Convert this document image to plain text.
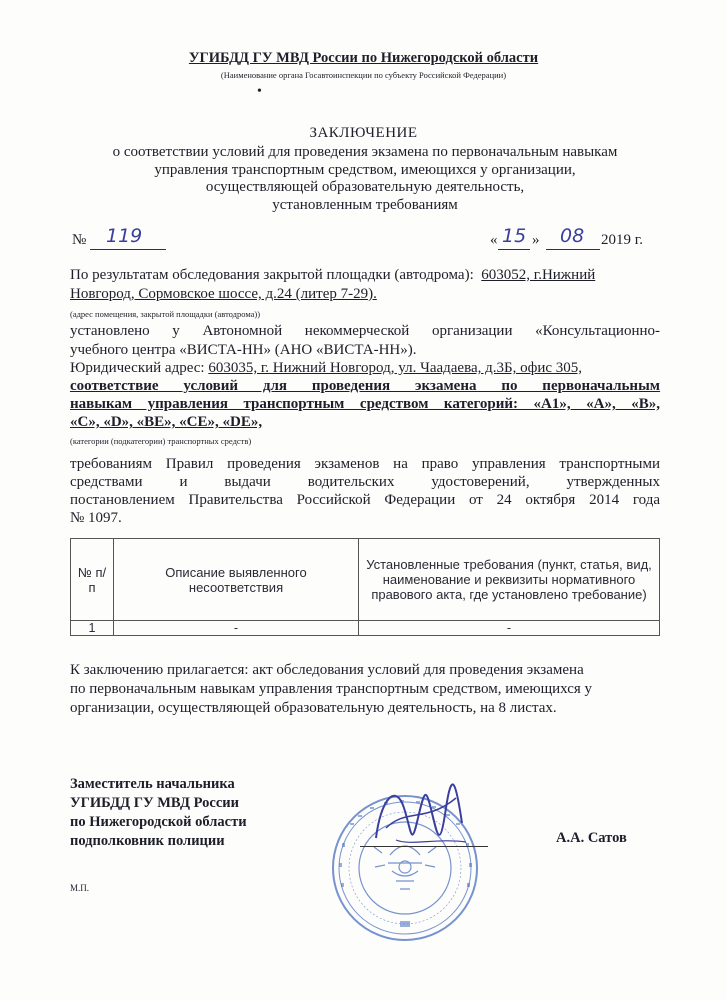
УГИБДД ГУ МВД России по Нижегородской области
(Наименование органа Госавтоинспекции по субъекту Российской Федерации)
•
ЗАКЛЮЧЕНИЕ
о соответствии условий для проведения экзамена по первоначальным навыкам
управления транспортным средством, имеющихся у организации,
осуществляющей образовательную деятельность,
установленным требованиям
№ 119	« 15 » 08 2019 г.
По результатам обследования закрытой площадки (автодрома): 603052, г.Нижний
Новгород, Сормовское шоссе, д.24 (литер 7-29).
(адрес помещения, закрытой площадки (автодрома))
установлено у Автономной некоммерческой организации «Консультационно-
учебного центра «ВИСТА-НН» (АНО «ВИСТА-НН»).
Юридический адрес: 603035, г. Нижний Новгород, ул. Чаадаева, д.3Б, офис 305,
соответствие условий для проведения экзамена по первоначальным
навыкам управления транспортным средством категорий: «А1», «А», «В»,
«С», «D», «ВЕ», «СЕ», «DE»,
(категории (подкатегории) транспортных средств)
требованиям Правил проведения экзаменов на право управления транспортными
средствами и выдачи водительских удостоверений, утвержденных
постановлением Правительства Российской Федерации от 24 октября 2014 года
№ 1097.
№ п/п	Описание выявленного несоответствия	Установленные требования (пункт, статья, вид, наименование и реквизиты нормативного правового акта, где установлено требование)
1	-	-
К заключению прилагается: акт обследования условий для проведения экзамена
по первоначальным навыкам управления транспортным средством, имеющихся у
организации, осуществляющей образовательную деятельность, на 8 листах.
Заместитель начальника
УГИБДД ГУ МВД России
по Нижегородской области
подполковник полиции	А.А. Сатов
М.П.
